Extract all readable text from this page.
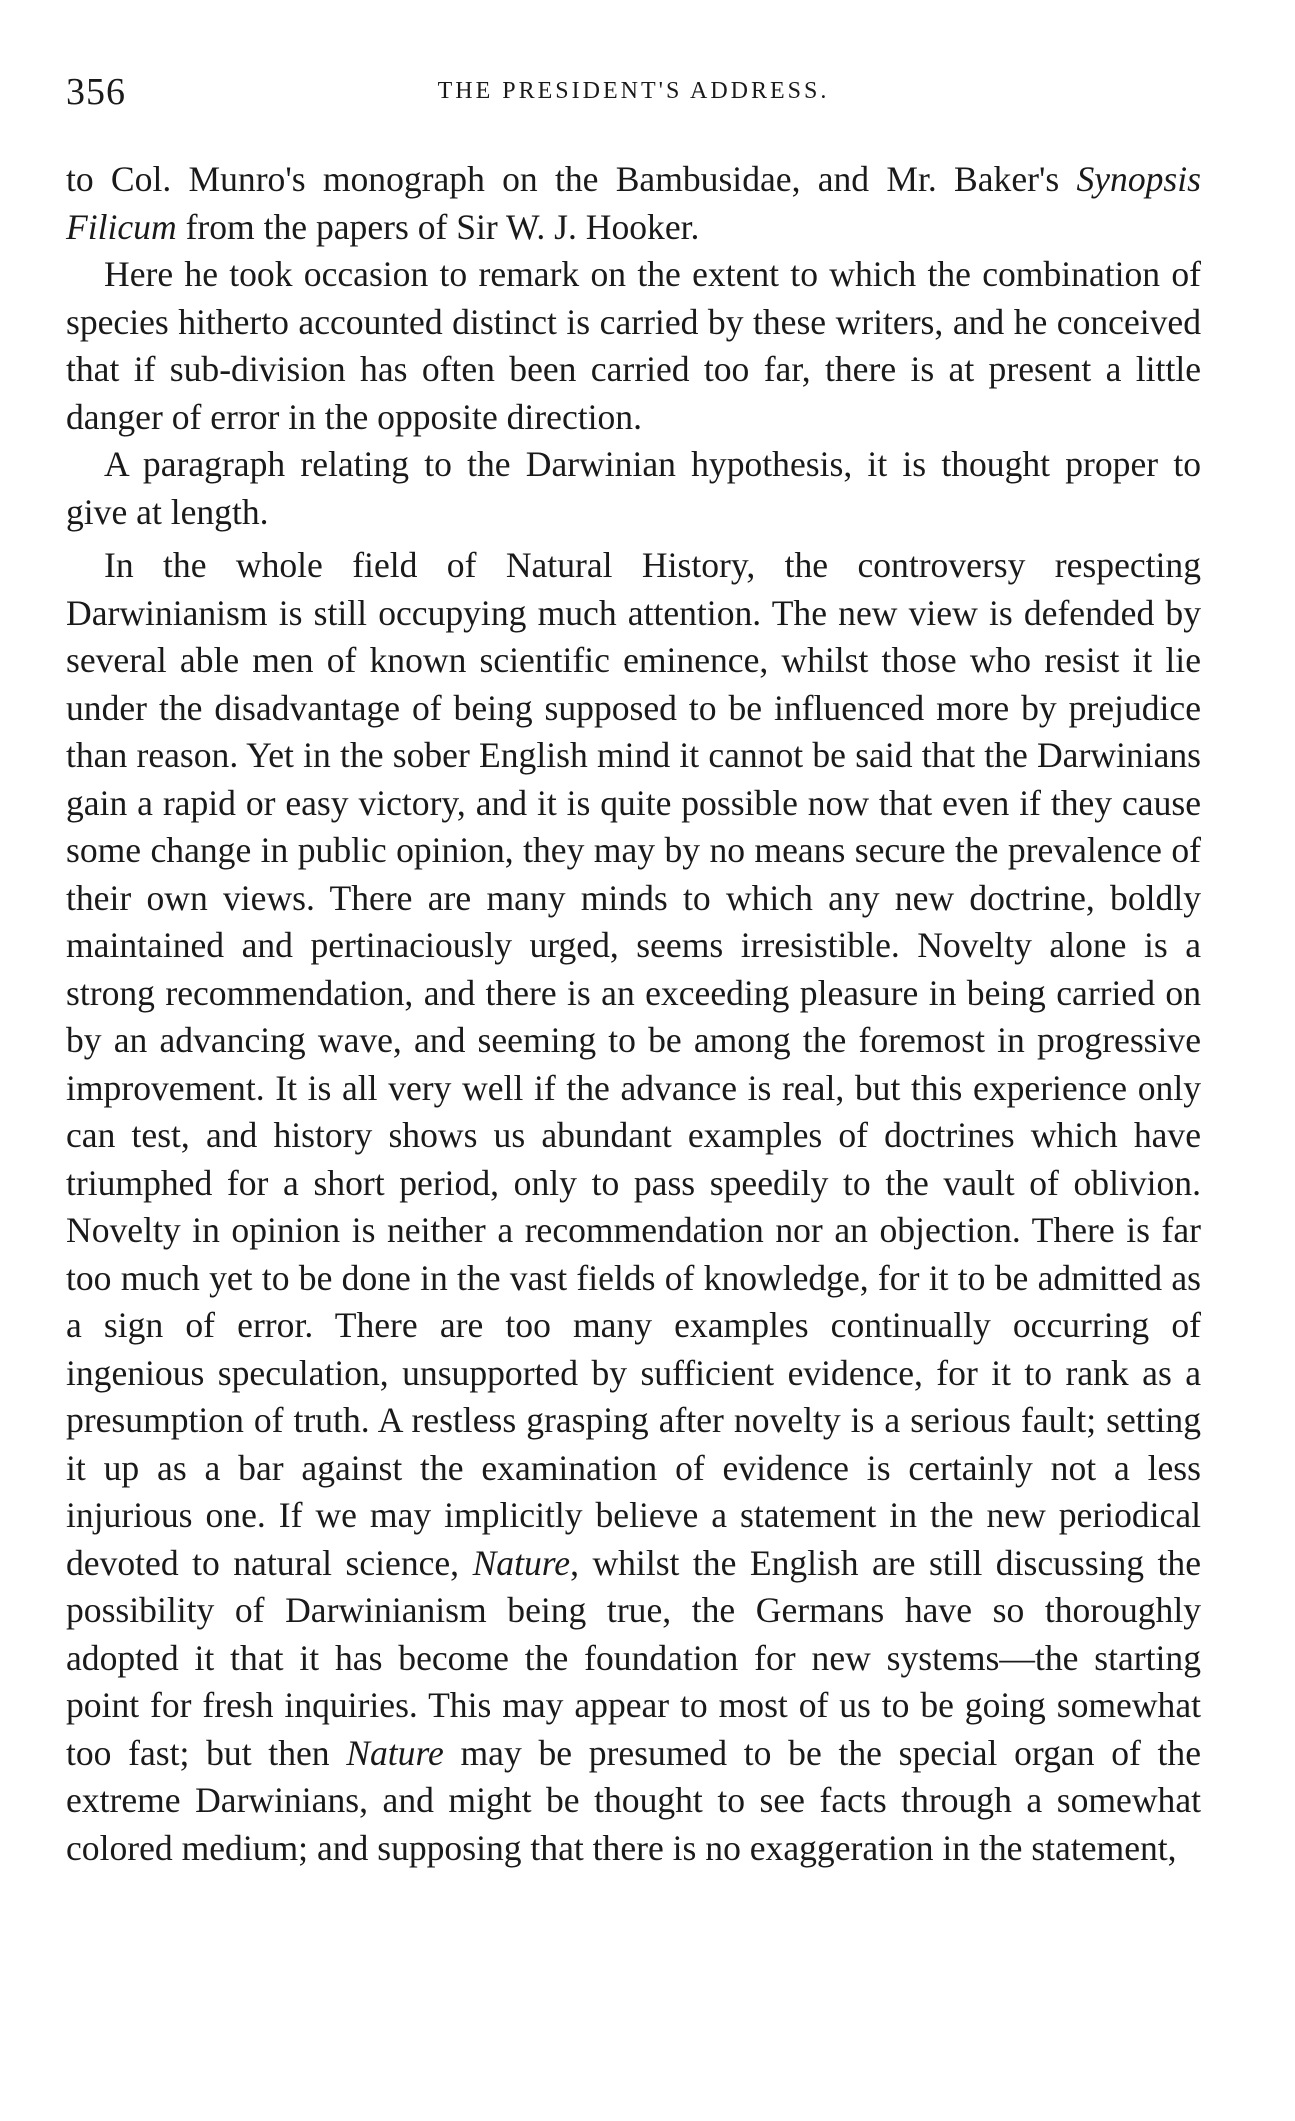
356	THE PRESIDENT'S ADDRESS.

to Col. Munro's monograph on the Bambusidae, and Mr. Baker's Synopsis Filicum from the papers of Sir W. J. Hooker.

Here he took occasion to remark on the extent to which the combination of species hitherto accounted distinct is carried by these writers, and he conceived that if sub-division has often been carried too far, there is at present a little danger of error in the opposite direction.

A paragraph relating to the Darwinian hypothesis, it is thought proper to give at length.

In the whole field of Natural History, the controversy respecting Darwinianism is still occupying much attention. The new view is defended by several able men of known scientific eminence, whilst those who resist it lie under the disadvantage of being supposed to be influenced more by prejudice than reason. Yet in the sober English mind it cannot be said that the Darwinians gain a rapid or easy victory, and it is quite possible now that even if they cause some change in public opinion, they may by no means secure the prevalence of their own views. There are many minds to which any new doctrine, boldly maintained and pertinaciously urged, seems irresistible. Novelty alone is a strong recommendation, and there is an exceeding pleasure in being carried on by an advancing wave, and seeming to be among the foremost in progressive improvement. It is all very well if the advance is real, but this experience only can test, and history shows us abundant examples of doctrines which have triumphed for a short period, only to pass speedily to the vault of oblivion. Novelty in opinion is neither a recommendation nor an objection. There is far too much yet to be done in the vast fields of knowledge, for it to be admitted as a sign of error. There are too many examples continually occurring of ingenious speculation, unsupported by sufficient evidence, for it to rank as a presumption of truth. A restless grasping after novelty is a serious fault; setting it up as a bar against the examination of evidence is certainly not a less injurious one. If we may implicitly believe a statement in the new periodical devoted to natural science, Nature, whilst the English are still discussing the possibility of Darwinianism being true, the Germans have so thoroughly adopted it that it has become the foundation for new systems—the starting point for fresh inquiries. This may appear to most of us to be going somewhat too fast; but then Nature may be presumed to be the special organ of the extreme Darwinians, and might be thought to see facts through a somewhat colored medium; and supposing that there is no exaggeration in the statement,
